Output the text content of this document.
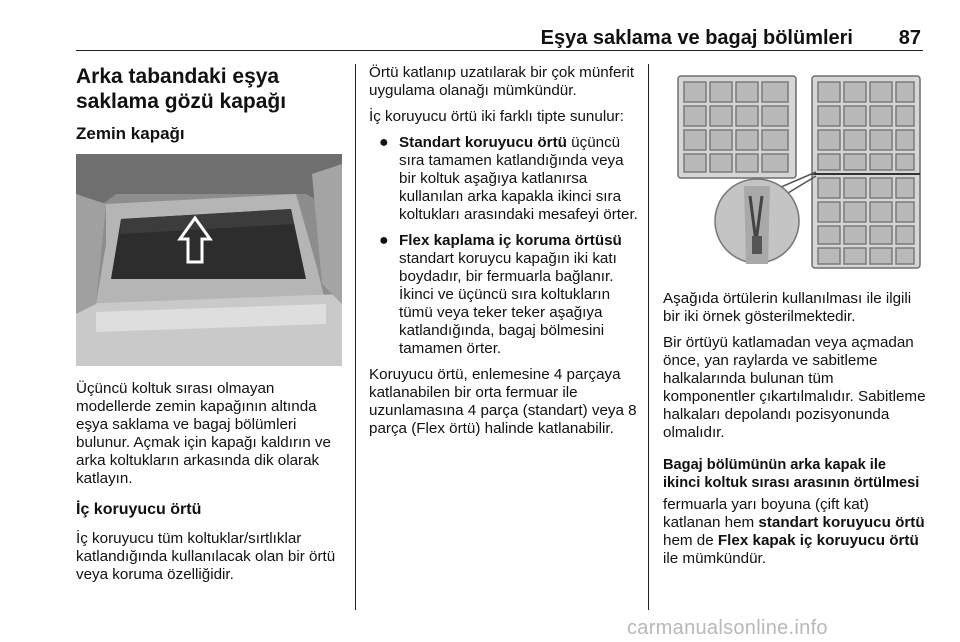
Eşya saklama ve bagaj bölümleri 87
Arka tabandaki eşya
saklama gözü kapağı
Zemin kapağı

Üçüncü koltuk sırası olmayan modellerde zemin kapağının altında eşya saklama ve bagaj bölümleri bulunur. Açmak için kapağı kaldırın ve arka koltukların arkasında dik olarak katlayın.

İç koruyucu örtü

İç koruyucu tüm koltuklar/sırtlıklar katlandığında kullanılacak olan bir örtü veya koruma özelliğidir.

Örtü katlanıp uzatılarak bir çok münferit uygulama olanağı mümkündür.

İç koruyucu örtü iki farklı tipte sunulur:

● Standart koruyucu örtü üçüncü sıra tamamen katlandığında veya bir koltuk aşağıya katlanırsa kullanılan arka kapakla ikinci sıra koltukları arasındaki mesafeyi örter.
● Flex kaplama iç koruma örtüsü standart koruycu kapağın iki katı boydadır, bir fermuarla bağlanır. İkinci ve üçüncü sıra koltukların tümü veya teker teker aşağıya katlandığında, bagaj bölmesini tamamen örter.

Koruyucu örtü, enlemesine 4 parçaya katlanabilen bir orta fermuar ile uzunlamasına 4 parça (standart) veya 8 parça (Flex örtü) halinde katlanabilir.

Aşağıda örtülerin kullanılması ile ilgili bir iki örnek gösterilmektedir.

Bir örtüyü katlamadan veya açmadan önce, yan raylarda ve sabitleme halkalarında bulunan tüm komponentler çıkartılmalıdır. Sabitleme halkaları depolandı pozisyonunda olmalıdır.

Bagaj bölümünün arka kapak ile ikinci koltuk sırası arasının örtülmesi

fermuarla yarı boyuna (çift kat) katlanan hem standart koruyucu örtü hem de Flex kapak iç koruyucu örtü ile mümkündür.

carmanualsonline.info
